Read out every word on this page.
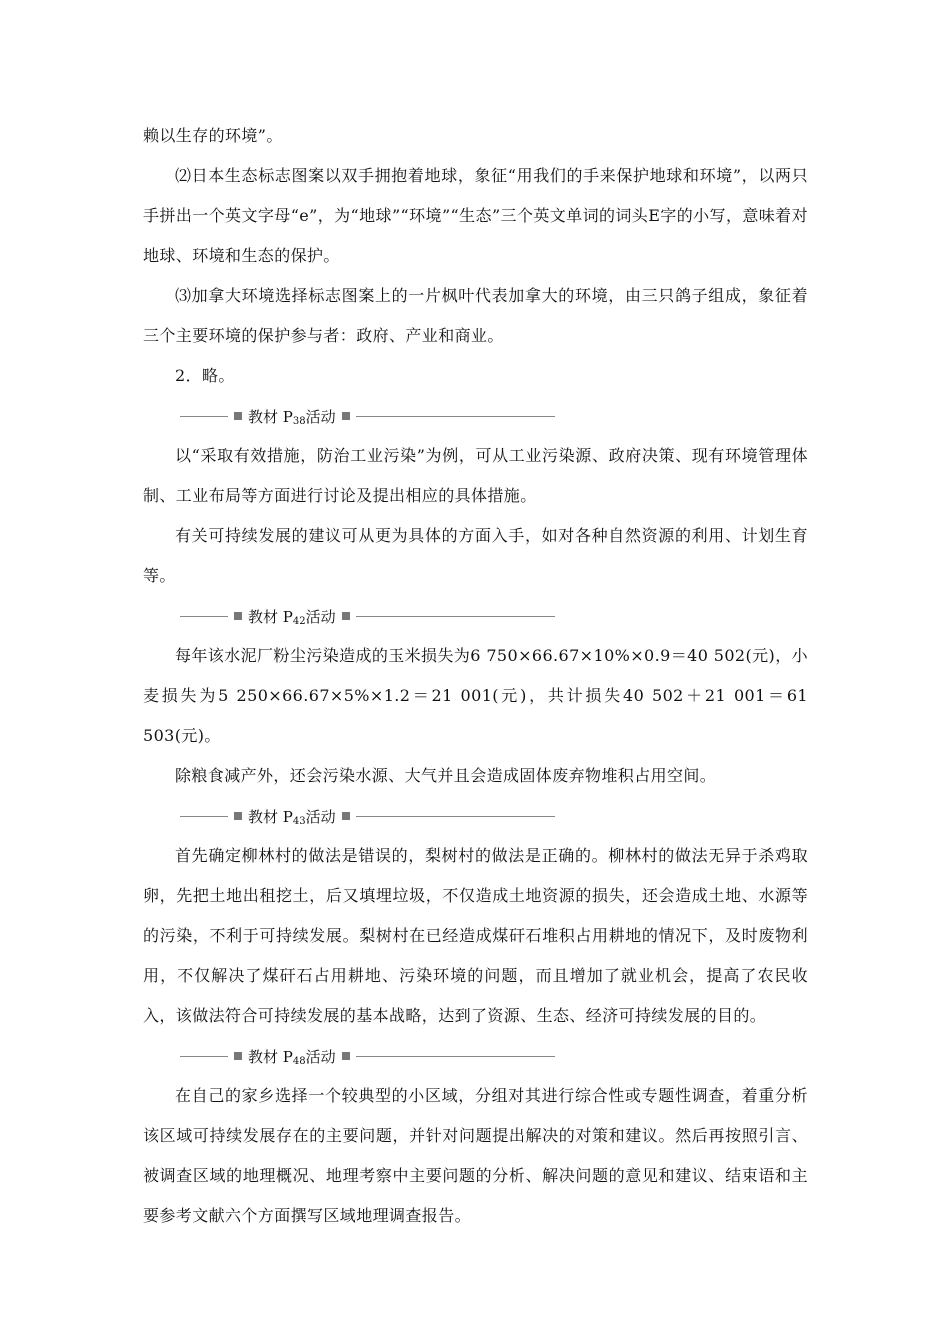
赖以生存的环境”。

⑵日本生态标志图案以双手拥抱着地球，象征“用我们的手来保护地球和环境”，以两只手拼出一个英文字母“e”，为“地球”“环境”“生态”三个英文单词的词头E字的小写，意味着对地球、环境和生态的保护。

⑶加拿大环境选择标志图案上的一片枫叶代表加拿大的环境，由三只鸽子组成，象征着三个主要环境的保护参与者：政府、产业和商业。

2．略。

教材 $P_{38}$活动

以“采取有效措施，防治工业污染”为例，可从工业污染源、政府决策、现有环境管理体制、工业布局等方面进行讨论及提出相应的具体措施。

有关可持续发展的建议可从更为具体的方面入手，如对各种自然资源的利用、计划生育等。

教材 $P_{42}$活动

每年该水泥厂粉尘污染造成的玉米损失为6 750×66.67×10%×0.9＝40 502(元)，小麦损失为5 250×66.67×5%×1.2＝21 001(元)，共计损失40 502＋21 001＝61 503(元)。

除粮食减产外，还会污染水源、大气并且会造成固体废弃物堆积占用空间。

教材 $P_{43}$活动

首先确定柳林村的做法是错误的，梨树村的做法是正确的。柳林村的做法无异于杀鸡取卵，先把土地出租挖土，后又填埋垃圾，不仅造成土地资源的损失，还会造成土地、水源等的污染，不利于可持续发展。梨树村在已经造成煤矸石堆积占用耕地的情况下，及时废物利用，不仅解决了煤矸石占用耕地、污染环境的问题，而且增加了就业机会，提高了农民收入，该做法符合可持续发展的基本战略，达到了资源、生态、经济可持续发展的目的。

教材 $P_{48}$活动

在自己的家乡选择一个较典型的小区域，分组对其进行综合性或专题性调查，着重分析该区域可持续发展存在的主要问题，并针对问题提出解决的对策和建议。然后再按照引言、被调查区域的地理概况、地理考察中主要问题的分析、解决问题的意见和建议、结束语和主要参考文献六个方面撰写区域地理调查报告。
